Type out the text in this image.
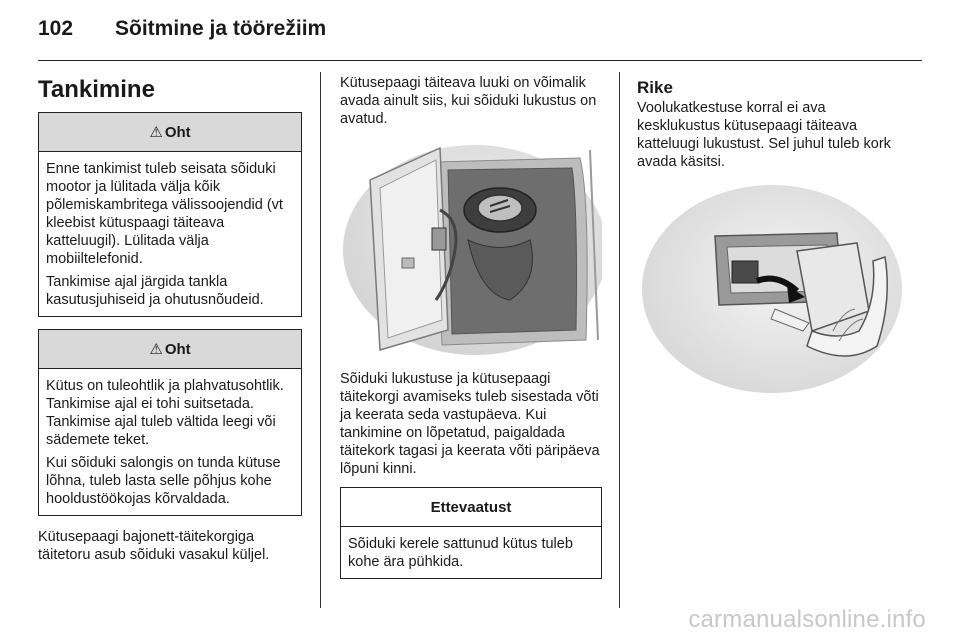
102	Sõitmine ja töörežiim
Tankimine
⚠ Oht

Enne tankimist tuleb seisata sõiduki mootor ja lülitada välja kõik põlemiskambritega välissoojendid (vt kleebist kütuspaagi täiteava katteluugil). Lülitada välja mobiiltelefonid.

Tankimise ajal järgida tankla kasutusjuhiseid ja ohutusnõudeid.

⚠ Oht

Kütus on tuleohtlik ja plahvatusohtlik. Tankimise ajal ei tohi suitsetada. Tankimise ajal tuleb vältida leegi või sädemete teket.

Kui sõiduki salongis on tunda kütuse lõhna, tuleb lasta selle põhjus kohe hooldustöökojas kõrvaldada.

Kütusepaagi bajonett-täitekorgiga täitetoru asub sõiduki vasakul küljel.

Kütusepaagi täiteava luuki on võimalik avada ainult siis, kui sõiduki lukustus on avatud.

Sõiduki lukustuse ja kütusepaagi täitekorgi avamiseks tuleb sisestada võti ja keerata seda vastupäeva. Kui tankimine on lõpetatud, paigaldada täitekork tagasi ja keerata võti päripäeva lõpuni kinni.

Ettevaatust

Sõiduki kerele sattunud kütus tuleb kohe ära pühkida.

Rike

Voolukatkestuse korral ei ava kesklukustus kütusepaagi täiteava katteluugi lukustust. Sel juhul tuleb kork avada käsitsi.

carmanualsonline.info
